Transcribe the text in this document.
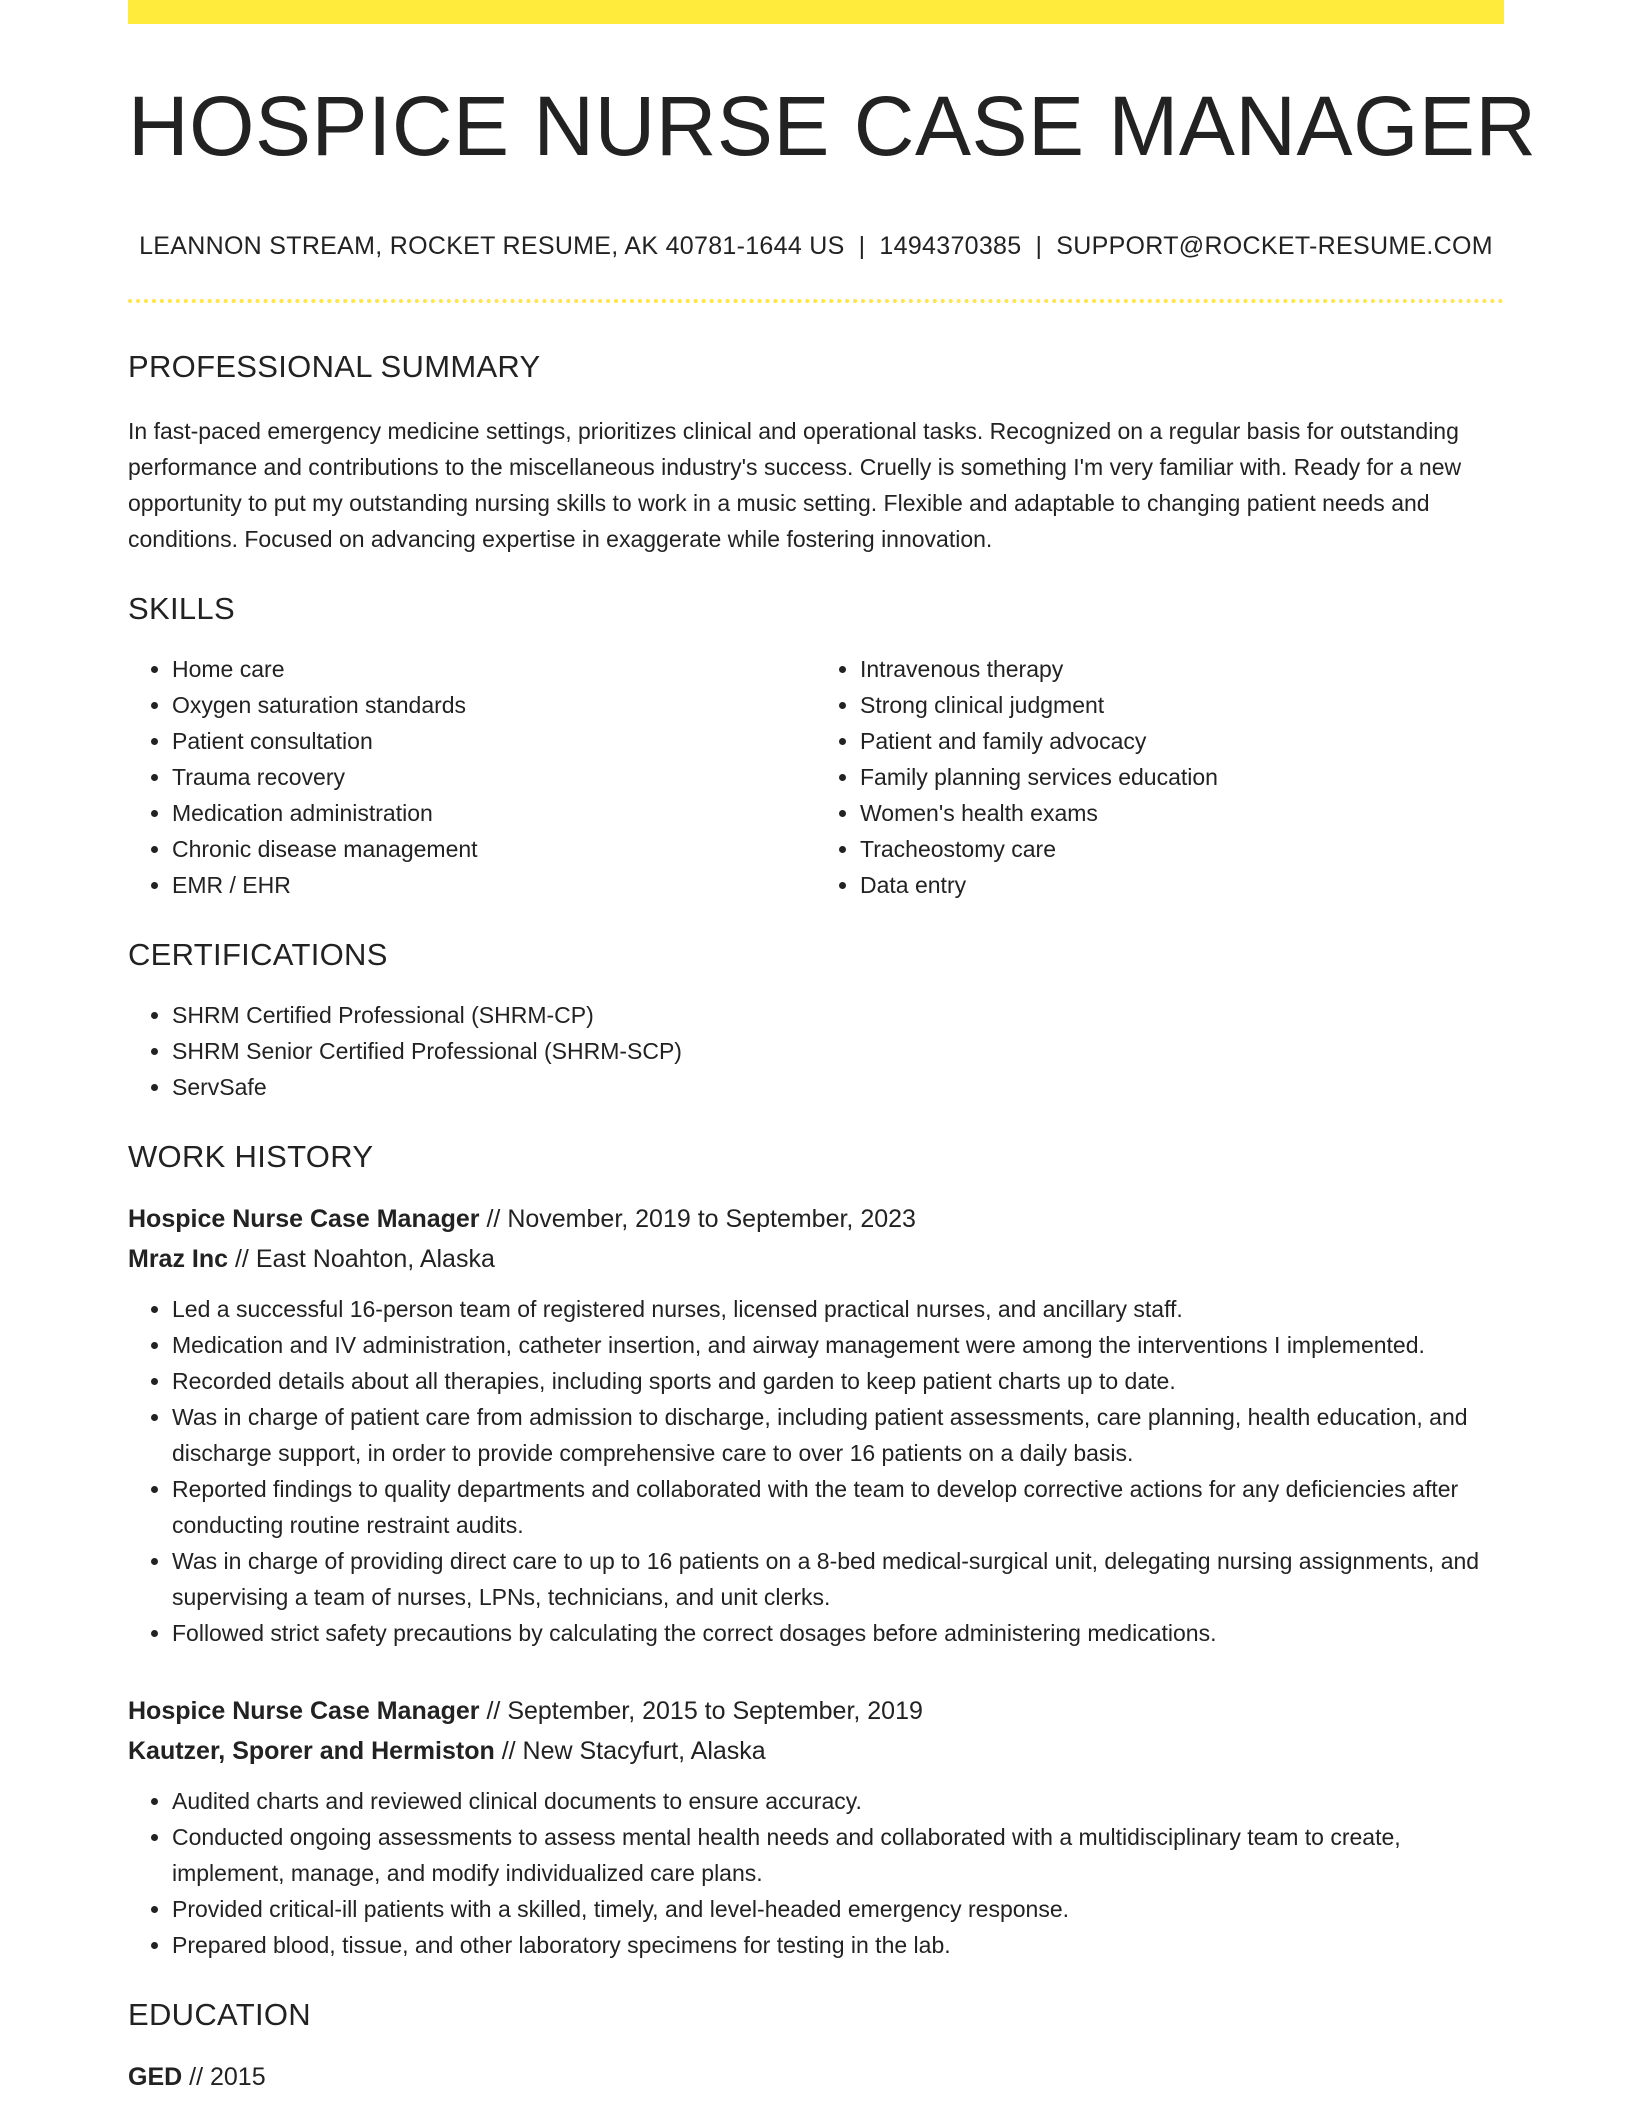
HOSPICE NURSE CASE MANAGER
LEANNON STREAM, ROCKET RESUME, AK 40781-1644 US | 1494370385 | SUPPORT@ROCKET-RESUME.COM
PROFESSIONAL SUMMARY

In fast-paced emergency medicine settings, prioritizes clinical and operational tasks. Recognized on a regular basis for outstanding performance and contributions to the miscellaneous industry's success. Cruelly is something I'm very familiar with. Ready for a new opportunity to put my outstanding nursing skills to work in a music setting. Flexible and adaptable to changing patient needs and conditions. Focused on advancing expertise in exaggerate while fostering innovation.

SKILLS
• Home care
• Oxygen saturation standards
• Patient consultation
• Trauma recovery
• Medication administration
• Chronic disease management
• EMR / EHR
• Intravenous therapy
• Strong clinical judgment
• Patient and family advocacy
• Family planning services education
• Women's health exams
• Tracheostomy care
• Data entry
CERTIFICATIONS
• SHRM Certified Professional (SHRM-CP)
• SHRM Senior Certified Professional (SHRM-SCP)
• ServSafe
WORK HISTORY
Hospice Nurse Case Manager // November, 2019 to September, 2023
Mraz Inc // East Noahton, Alaska
• Led a successful 16-person team of registered nurses, licensed practical nurses, and ancillary staff.
• Medication and IV administration, catheter insertion, and airway management were among the interventions I implemented.
• Recorded details about all therapies, including sports and garden to keep patient charts up to date.
• Was in charge of patient care from admission to discharge, including patient assessments, care planning, health education, and discharge support, in order to provide comprehensive care to over 16 patients on a daily basis.
• Reported findings to quality departments and collaborated with the team to develop corrective actions for any deficiencies after conducting routine restraint audits.
• Was in charge of providing direct care to up to 16 patients on a 8-bed medical-surgical unit, delegating nursing assignments, and supervising a team of nurses, LPNs, technicians, and unit clerks.
• Followed strict safety precautions by calculating the correct dosages before administering medications.
Hospice Nurse Case Manager // September, 2015 to September, 2019
Kautzer, Sporer and Hermiston // New Stacyfurt, Alaska
• Audited charts and reviewed clinical documents to ensure accuracy.
• Conducted ongoing assessments to assess mental health needs and collaborated with a multidisciplinary team to create, implement, manage, and modify individualized care plans.
• Provided critical-ill patients with a skilled, timely, and level-headed emergency response.
• Prepared blood, tissue, and other laboratory specimens for testing in the lab.
EDUCATION
GED // 2015
